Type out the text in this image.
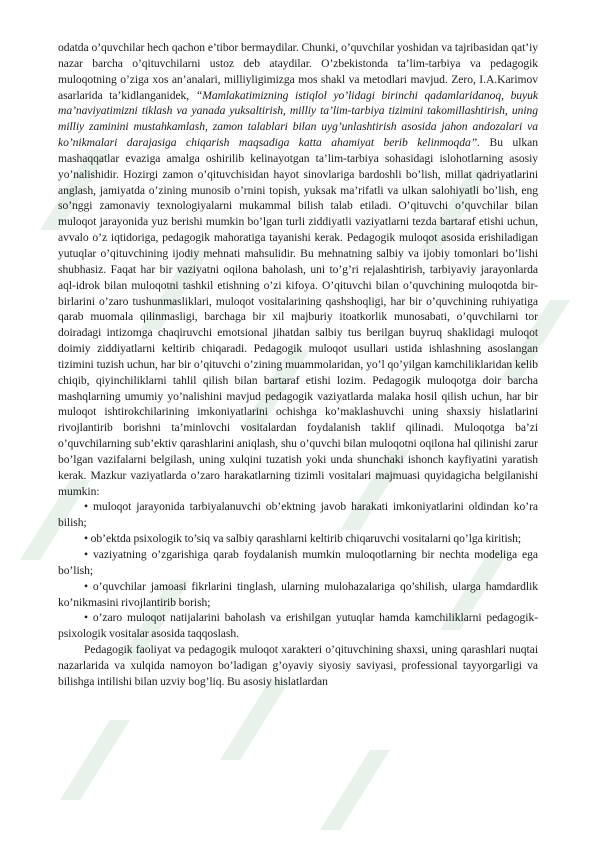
odatda o’quvchilar hech qachon e’tibor bermaydilar. Chunki, o’quvchilar yoshidan va tajribasidan qat’iy nazar barcha o’qituvchilarni ustoz deb ataydilar. O’zbekistonda ta’lim-tarbiya va pedagogik muloqotning o’ziga xos an’analari, milliyligimizga mos shakl va metodlari mavjud. Zero, I.A.Karimov asarlarida ta’kidlanganidek, “Mamlakatimizning istiqlol yo’lidagi birinchi qadamlaridanoq, buyuk ma’naviyatimizni tiklash va yanada yuksaltirish, milliy ta’lim-tarbiya tizimini takomillashtirish, uning milliy zaminini mustahkamlash, zamon talablari bilan uyg’unlashtirish asosida jahon andozalari va ko’nikmalari darajasiga chiqarish maqsadiga katta ahamiyat berib kelinmoqda”. Bu ulkan mashaqqatlar evaziga amalga oshirilib kelinayotgan ta’lim-tarbiya sohasidagi islohotlarning asosiy yo’nalishidir. Hozirgi zamon o’qituvchisidan hayot sinovlariga bardoshli bo’lish, millat qadriyatlarini anglash, jamiyatda o’zining munosib o’rnini topish, yuksak ma’rifatli va ulkan salohiyatli bo’lish, eng so’nggi zamonaviy texnologiyalarni mukammal bilish talab etiladi. O’qituvchi o’quvchilar bilan muloqot jarayonida yuz berishi mumkin bo’lgan turli ziddiyatli vaziyatlarni tezda bartaraf etishi uchun, avvalo o’z iqtidoriga, pedagogik mahoratiga tayanishi kerak. Pedagogik muloqot asosida erishiladigan yutuqlar o’qituvchining ijodiy mehnati mahsulidir. Bu mehnatning salbiy va ijobiy tomonlari bo’lishi shubhasiz. Faqat har bir vaziyatni oqilona baholash, uni to’g’ri rejalashtirish, tarbiyaviy jarayonlarda aql-idrok bilan muloqotni tashkil etishning o’zi kifoya. O’qituvchi bilan o’quvchining muloqotda bir-birlarini o’zaro tushunmasliklari, muloqot vositalarining qashshoqligi, har bir o’quvchining ruhiyatiga qarab muomala qilinmasligi, barchaga bir xil majburiy itoatkorlik munosabati, o’quvchilarni tor doiradagi intizomga chaqiruvchi emotsional jihatdan salbiy tus berilgan buyruq shaklidagi muloqot doimiy ziddiyatlarni keltirib chiqaradi. Pedagogik muloqot usullari ustida ishlashning asoslangan tizimini tuzish uchun, har bir o’qituvchi o’zining muammolaridan, yo’l qo’yilgan kamchiliklaridan kelib chiqib, qiyinchiliklarni tahlil qilish bilan bartaraf etishi lozim. Pedagogik muloqotga doir barcha mashqlarning umumiy yo’nalishini mavjud pedagogik vaziyatlarda malaka hosil qilish uchun, har bir muloqot ishtirokchilarining imkoniyatlarini ochishga ko’maklashuvchi uning shaxsiy hislatlarini rivojlantirib borishni ta’minlovchi vositalardan foydalanish taklif qilinadi. Muloqotga ba’zi o’quvchilarning sub’ektiv qarashlarini aniqlash, shu o’quvchi bilan muloqotni oqilona hal qilinishi zarur bo’lgan vazifalarni belgilash, uning xulqini tuzatish yoki unda shunchaki ishonch kayfiyatini yaratish kerak. Mazkur vaziyatlarda o’zaro harakatlarning tizimli vositalari majmuasi quyidagicha belgilanishi mumkin:

• muloqot jarayonida tarbiyalanuvchi ob’ektning javob harakati imkoniyatlarini oldindan ko’ra bilish;

• ob’ektda psixologik to’siq va salbiy qarashlarni keltirib chiqaruvchi vositalarni qo’lga kiritish;

• vaziyatning o’zgarishiga qarab foydalanish mumkin muloqotlarning bir nechta modeliga ega bo’lish;

• o’quvchilar jamoasi fikrlarini tinglash, ularning mulohazalariga qo’shilish, ularga hamdardlik ko’nikmasini rivojlantirib borish;

• o’zaro muloqot natijalarini baholash va erishilgan yutuqlar hamda kamchiliklarni pedagogik-psixologik vositalar asosida taqqoslash.

Pedagogik faoliyat va pedagogik muloqot xarakteri o’qituvchining shaxsi, uning qarashlari nuqtai nazarlarida va xulqida namoyon bo’ladigan g’oyaviy siyosiy saviyasi, professional tayyorgarligi va bilishga intilishi bilan uzviy bog’liq. Bu asosiy hislatlardan
